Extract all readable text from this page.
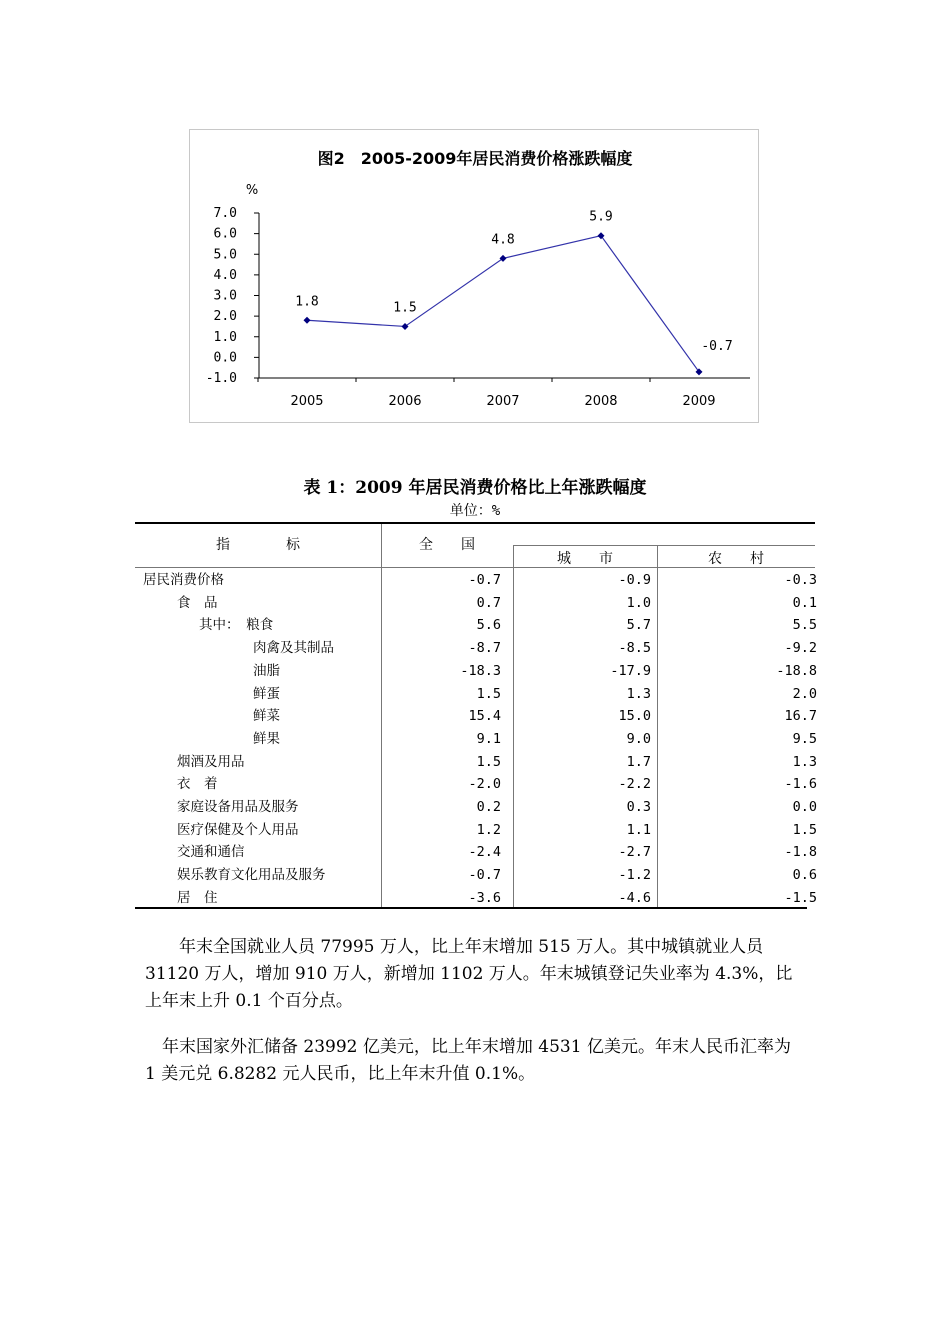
图2　2005-2009年居民消费价格涨跌幅度
%
7.0
6.0
5.0
4.0
3.0
2.0
1.0
0.0
-1.0
2005	2006	2007	2008	2009
1.8	1.5
4.8
5.9
-0.7
表 1：2009 年居民消费价格比上年涨跌幅度
单位：%
指　　　　标	全　　国
城　　市	农　　村
居民消费价格	-0.7	-0.9	-0.3
食　品	0.7	1.0	0.1
其中：　粮食	5.6	5.7	5.5
肉禽及其制品	-8.7	-8.5	-9.2
油脂	-18.3	-17.9	-18.8
鲜蛋	1.5	1.3	2.0
鲜菜	15.4	15.0	16.7
鲜果	9.1	9.0	9.5
烟酒及用品	1.5	1.7	1.3
衣　着	-2.0	-2.2	-1.6
家庭设备用品及服务	0.2	0.3	0.0
医疗保健及个人用品	1.2	1.1	1.5
交通和通信	-2.4	-2.7	-1.8
娱乐教育文化用品及服务	-0.7	-1.2	0.6
居　住	-3.6	-4.6	-1.5
　　年末全国就业人员 77995 万人，比上年末增加 515 万人。其中城镇就业人员 31120 万人，增加 910 万人，新增加 1102 万人。年末城镇登记失业率为 4.3%，比上年末上升 0.1 个百分点。
　年末国家外汇储备 23992 亿美元，比上年末增加 4531 亿美元。年末人民币汇率为 1 美元兑 6.8282 元人民币，比上年末升值 0.1%。
